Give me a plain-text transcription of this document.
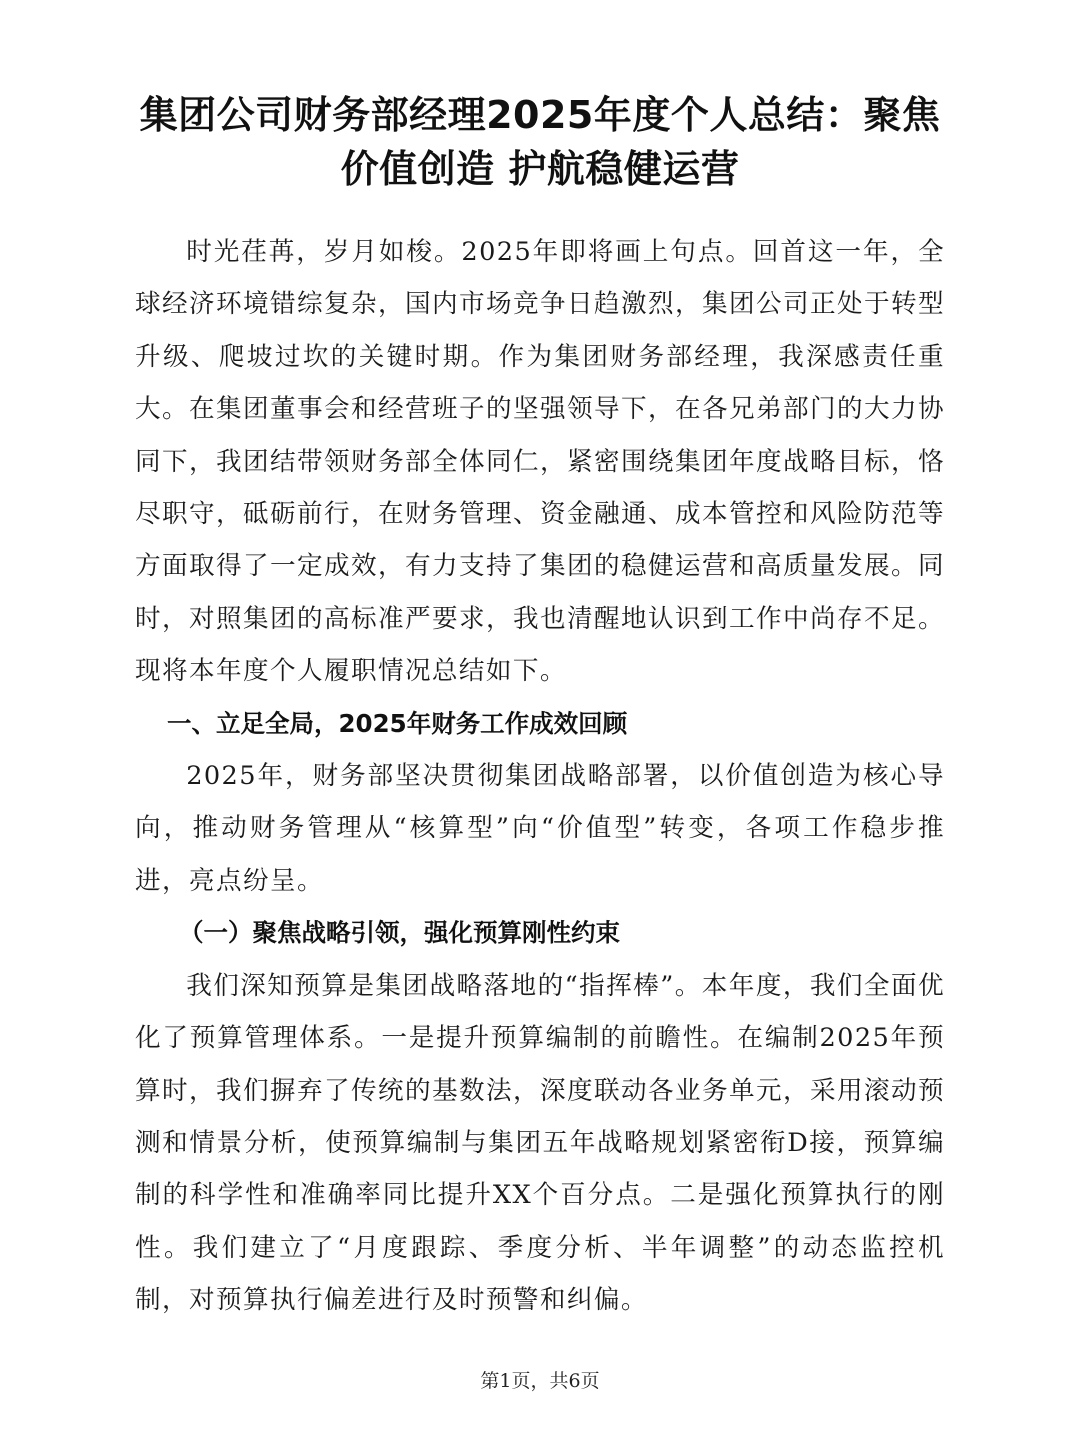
集团公司财务部经理2025年度个人总结：聚焦
价值创造 护航稳健运营

时光荏苒，岁月如梭。2025年即将画上句点。回首这一年，全球经济环境错综复杂，国内市场竞争日趋激烈，集团公司正处于转型升级、爬坡过坎的关键时期。作为集团财务部经理，我深感责任重大。在集团董事会和经营班子的坚强领导下，在各兄弟部门的大力协同下，我团结带领财务部全体同仁，紧密围绕集团年度战略目标，恪尽职守，砥砺前行，在财务管理、资金融通、成本管控和风险防范等方面取得了一定成效，有力支持了集团的稳健运营和高质量发展。同时，对照集团的高标准严要求，我也清醒地认识到工作中尚存不足。现将本年度个人履职情况总结如下。

一、立足全局，2025年财务工作成效回顾

2025年，财务部坚决贯彻集团战略部署，以价值创造为核心导向，推动财务管理从“核算型”向“价值型”转变，各项工作稳步推进，亮点纷呈。

（一）聚焦战略引领，强化预算刚性约束

我们深知预算是集团战略落地的“指挥棒”。本年度，我们全面优化了预算管理体系。一是提升预算编制的前瞻性。在编制2025年预算时，我们摒弃了传统的基数法，深度联动各业务单元，采用滚动预测和情景分析，使预算编制与集团五年战略规划紧密衔D接，预算编制的科学性和准确率同比提升XX个百分点。二是强化预算执行的刚性。我们建立了“月度跟踪、季度分析、半年调整”的动态监控机制，对预算执行偏差进行及时预警和纠偏。

第1页，共6页
